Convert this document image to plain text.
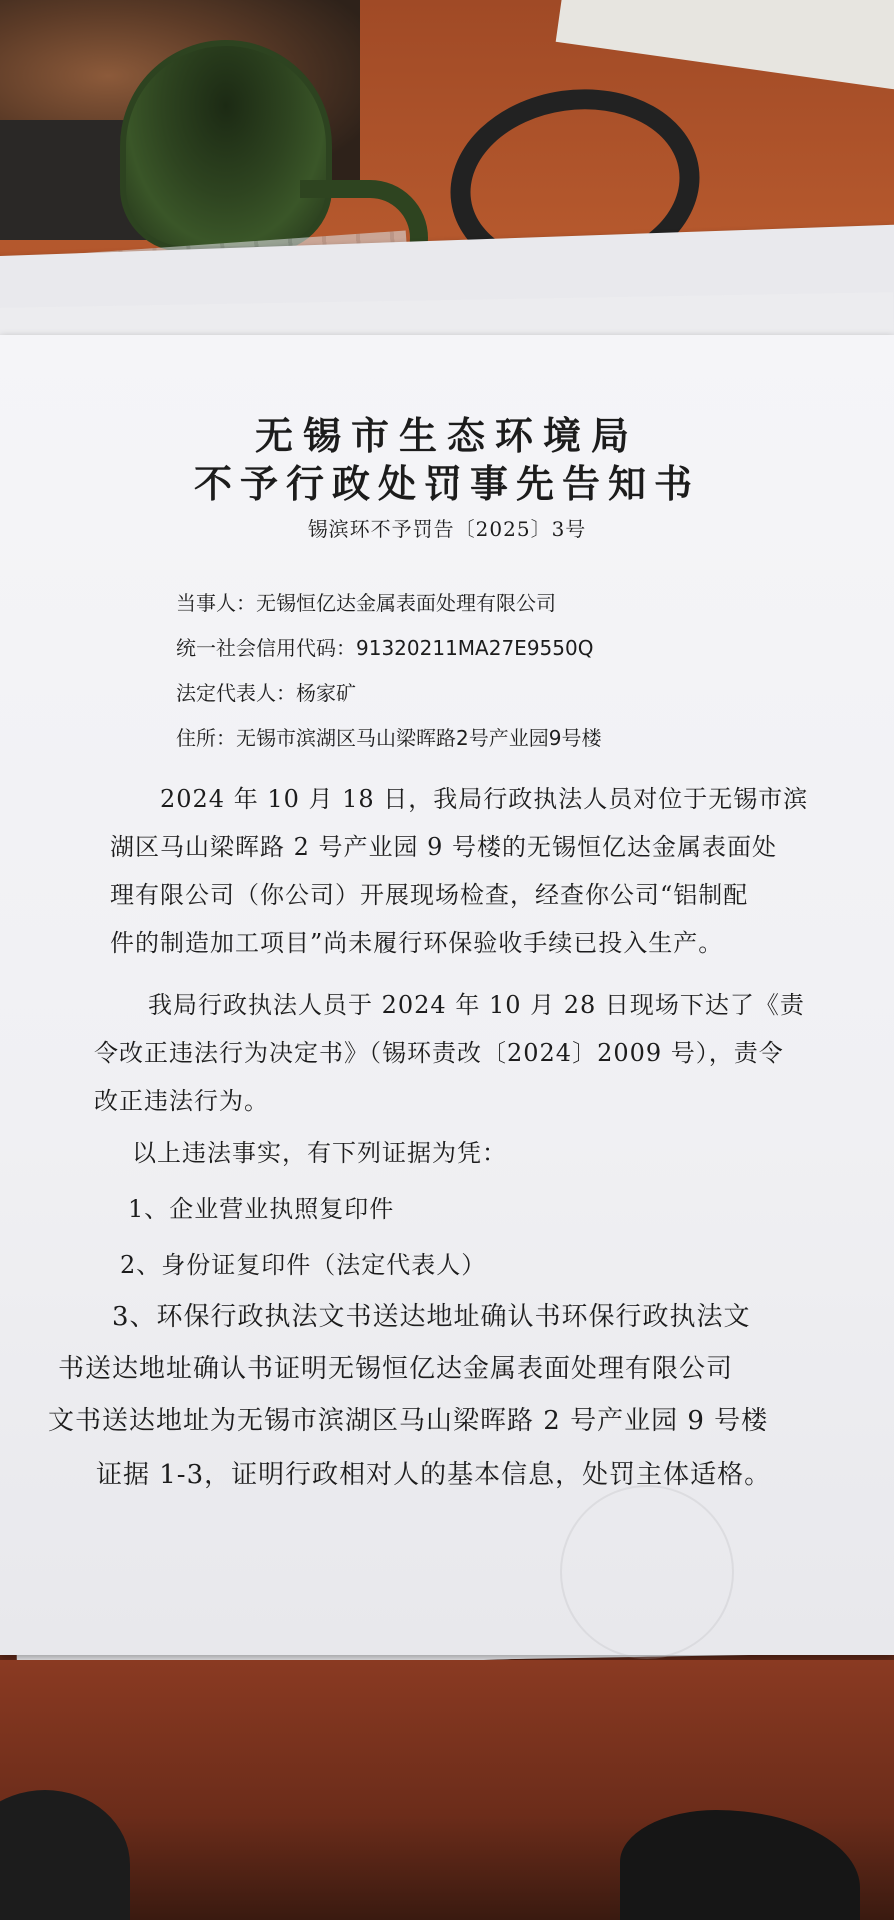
无锡市生态环境局
不予行政处罚事先告知书
锡滨环不予罚告〔2025〕3号
当事人：无锡恒亿达金属表面处理有限公司
统一社会信用代码：91320211MA27E9550Q
法定代表人：杨家矿
住所：无锡市滨湖区马山梁晖路2号产业园9号楼
2024 年 10 月 18 日，我局行政执法人员对位于无锡市滨
湖区马山梁晖路 2 号产业园 9 号楼的无锡恒亿达金属表面处
理有限公司（你公司）开展现场检查，经查你公司“铝制配
件的制造加工项目”尚未履行环保验收手续已投入生产。
我局行政执法人员于 2024 年 10 月 28 日现场下达了《责
令改正违法行为决定书》（锡环责改〔2024〕2009 号），责令
改正违法行为。
以上违法事实，有下列证据为凭：
1、企业营业执照复印件
2、身份证复印件（法定代表人）
3、环保行政执法文书送达地址确认书环保行政执法文
书送达地址确认书证明无锡恒亿达金属表面处理有限公司
文书送达地址为无锡市滨湖区马山梁晖路 2 号产业园 9 号楼
证据 1-3，证明行政相对人的基本信息，处罚主体适格。
